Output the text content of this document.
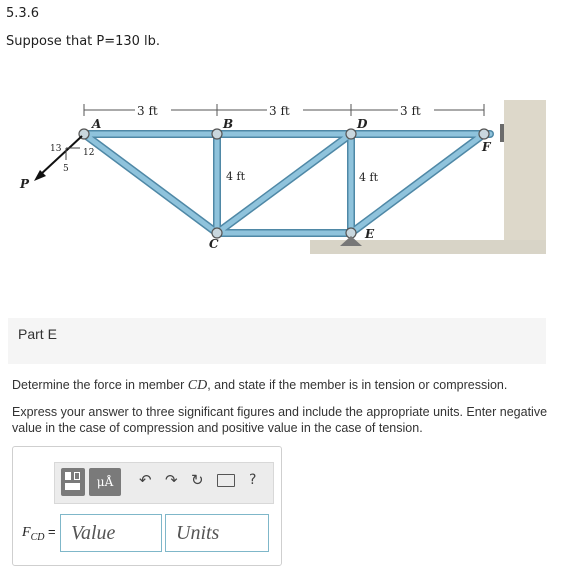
5.3.6
Suppose that P=130 lb.
3 ft	3 ft	3 ft
A	B
C
D
E
F
4 ft	4 ft
P
13 12
5
Part E
Determine the force in member CD, and state if the member is in tension or compression.
Express your answer to three significant figures and include the appropriate units. Enter negative value in the case of compression and positive value in the case of tension.
μÅ	↶ ↷ ↻	?
$F_{CD}$ =
Value
Units
